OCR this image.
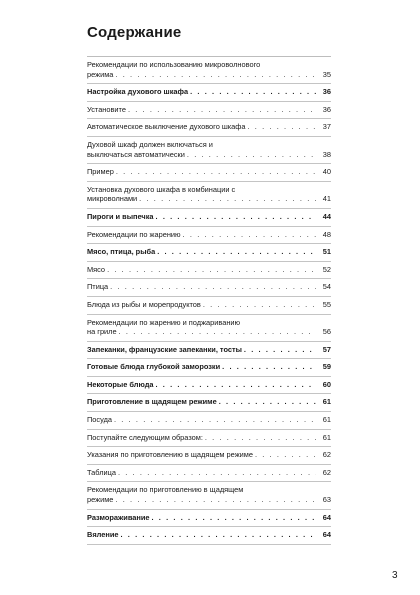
Содержание
Рекомендации по использованию микроволнового
режима . . .	35
Настройка духового шкафа . . .	36
Установите . . .	36
Автоматическое выключение духового шкафа . . .	37
Духовой шкаф должен включаться и
выключаться автоматически . . .	38
Пример . . .	40
Установка духового шкафа в комбинации с
микроволнами . . .	41
Пироги и выпечка . . .	44
Рекомендации по жарению . . .	48
Мясо, птица, рыба . . .	51
Мясо . . .	52
Птица . . .	54
Блюда из рыбы и морепродуктов . . .	55
Рекомендации по жарению и поджариванию
на гриле . . .	56
Запеканки, французские запеканки, тосты . . .	57
Готовые блюда глубокой заморозки . . .	59
Некоторые блюда . . .	60
Приготовление в щадящем режиме . . .	61
Посуда . . .	61
Поступайте следующим образом: . . .	61
Указания по приготовлению в щадящем режиме . . .	62
Таблица . . .	62
Рекомендации по приготовлению в щадящем
режиме . . .	63
Размораживание . . .	64
Вяление . . .	64
3
